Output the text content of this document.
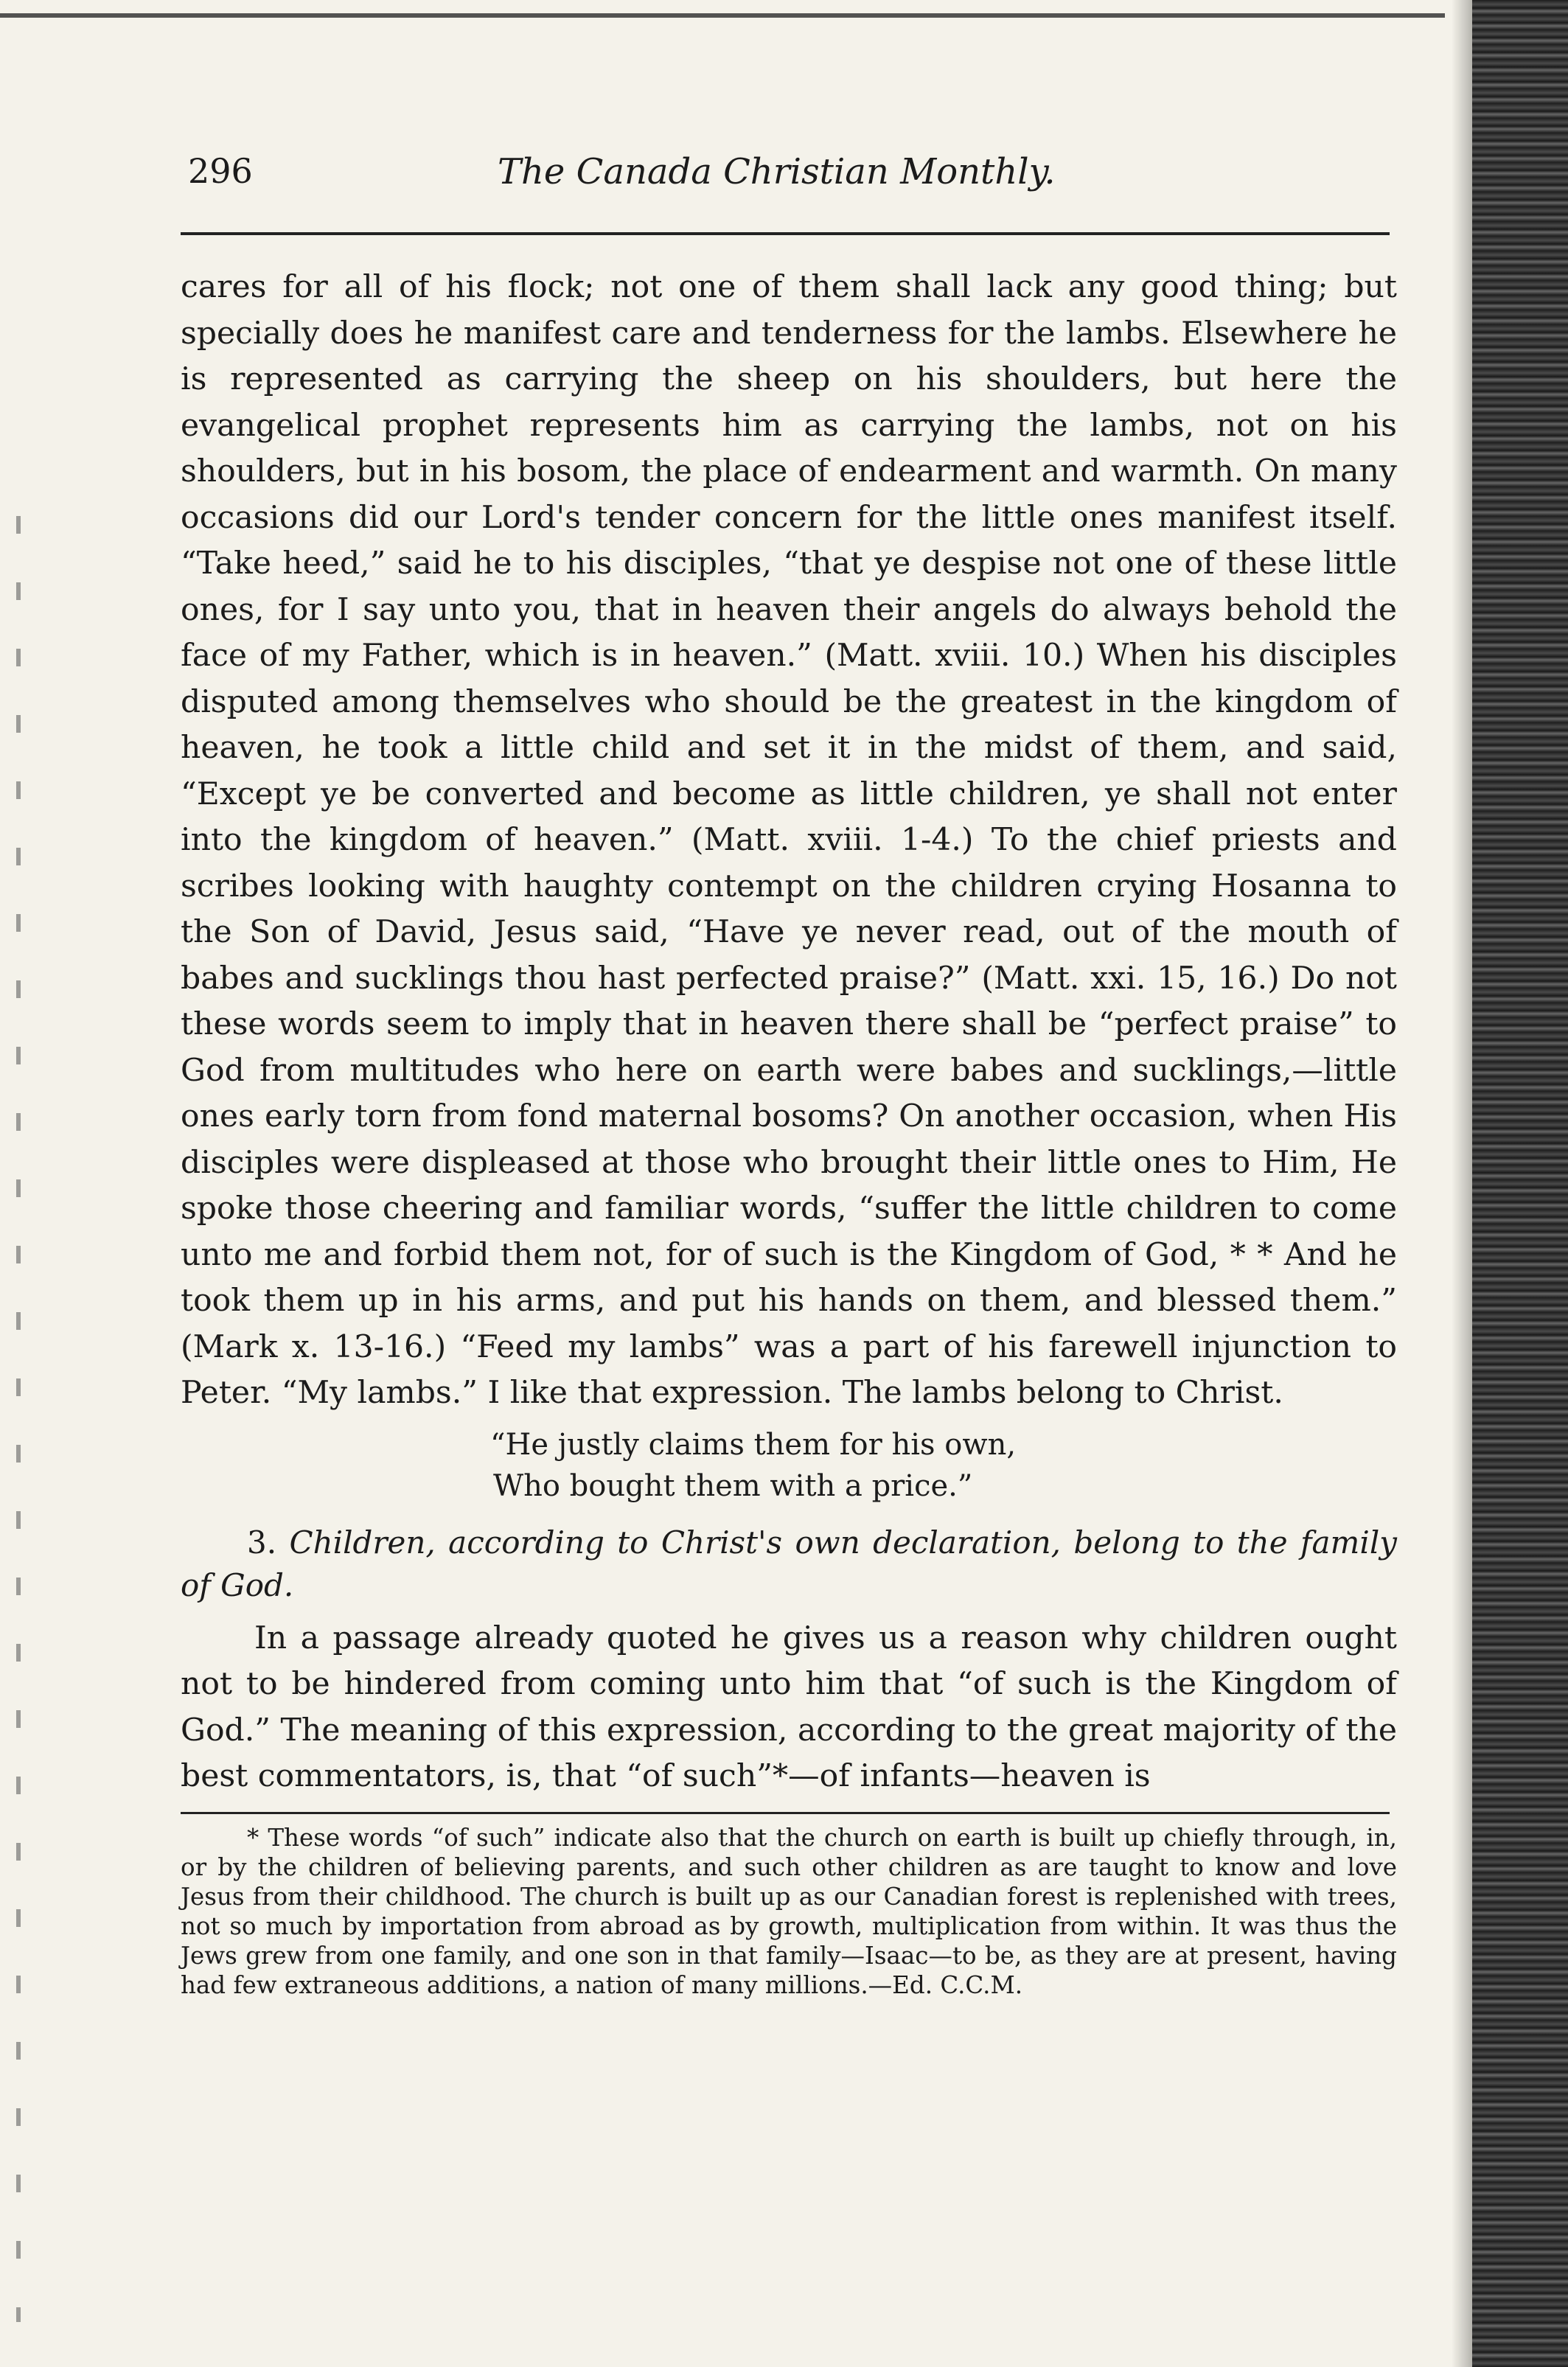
296	The Canada Christian Monthly.

cares for all of his flock; not one of them shall lack any good thing; but specially does he manifest care and tenderness for the lambs. Elsewhere he is represented as carrying the sheep on his shoulders, but here the evangelical prophet represents him as carrying the lambs, not on his shoulders, but in his bosom, the place of endearment and warmth. On many occasions did our Lord's tender concern for the little ones manifest itself. “Take heed,” said he to his disciples, “that ye despise not one of these little ones, for I say unto you, that in heaven their angels do always behold the face of my Father, which is in heaven.” (Matt. xviii. 10.) When his disciples disputed among themselves who should be the greatest in the kingdom of heaven, he took a little child and set it in the midst of them, and said, “Except ye be converted and become as little children, ye shall not enter into the kingdom of heaven.” (Matt. xviii. 1-4.) To the chief priests and scribes looking with haughty contempt on the children crying Hosanna to the Son of David, Jesus said, “Have ye never read, out of the mouth of babes and sucklings thou hast perfected praise?” (Matt. xxi. 15, 16.) Do not these words seem to imply that in heaven there shall be “perfect praise” to God from multitudes who here on earth were babes and sucklings,—little ones early torn from fond maternal bosoms? On another occasion, when His disciples were displeased at those who brought their little ones to Him, He spoke those cheering and familiar words, “suffer the little children to come unto me and forbid them not, for of such is the Kingdom of God, * * And he took them up in his arms, and put his hands on them, and blessed them.” (Mark x. 13-16.) “Feed my lambs” was a part of his farewell injunction to Peter. “My lambs.” I like that expression. The lambs belong to Christ.

“He justly claims them for his own,
Who bought them with a price.”
3. Children, according to Christ's own declaration, belong to the family of God.

In a passage already quoted he gives us a reason why children ought not to be hindered from coming unto him that “of such is the Kingdom of God.” The meaning of this expression, according to the great majority of the best commentators, is, that “of such”*—of infants—heaven is

* These words “of such” indicate also that the church on earth is built up chiefly through, in, or by the children of believing parents, and such other children as are taught to know and love Jesus from their childhood. The church is built up as our Canadian forest is replenished with trees, not so much by importation from abroad as by growth, multiplication from within. It was thus the Jews grew from one family, and one son in that family—Isaac—to be, as they are at present, having had few extraneous additions, a nation of many millions.—Ed. C.C.M.
